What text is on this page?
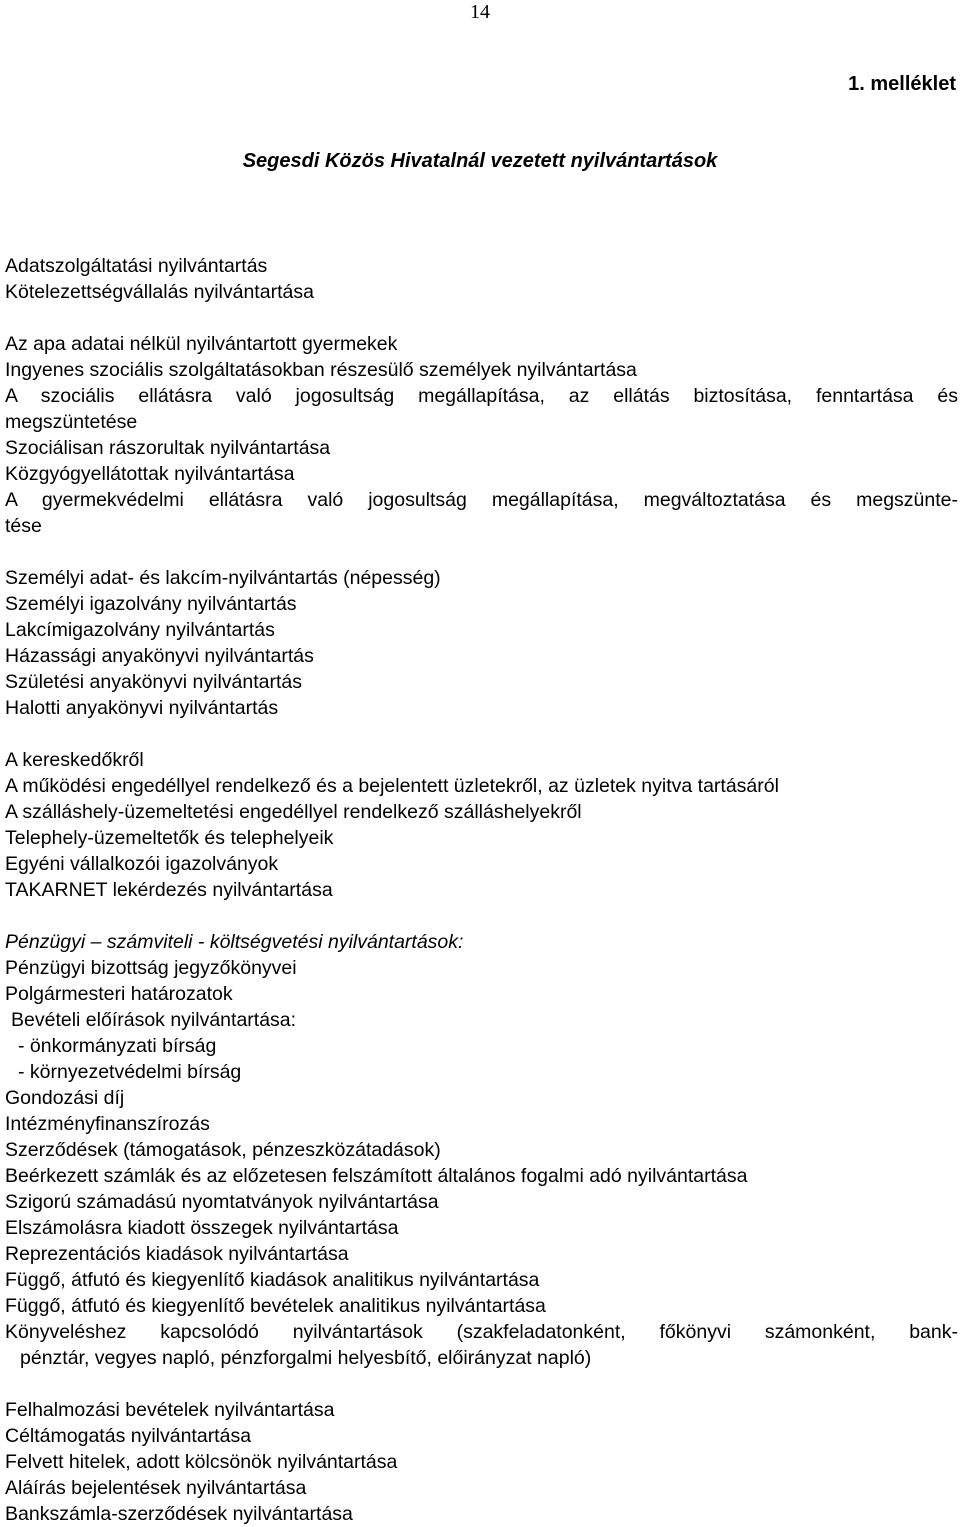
14
1. melléklet
Segesdi Közös Hivatalnál vezetett nyilvántartások
Adatszolgáltatási nyilvántartás
Kötelezettségvállalás nyilvántartása
Az apa adatai nélkül nyilvántartott gyermekek
Ingyenes szociális szolgáltatásokban részesülő személyek nyilvántartása
A szociális ellátásra való jogosultság megállapítása, az ellátás biztosítása, fenntartása és
megszüntetése
Szociálisan rászorultak nyilvántartása
Közgyógyellátottak nyilvántartása
A gyermekvédelmi ellátásra való jogosultság megállapítása, megváltoztatása és megszünte-
tése
Személyi adat- és lakcím-nyilvántartás (népesség)
Személyi igazolvány nyilvántartás
Lakcímigazolvány nyilvántartás
Házassági anyakönyvi nyilvántartás
Születési anyakönyvi nyilvántartás
Halotti anyakönyvi nyilvántartás
A kereskedőkről
A működési engedéllyel rendelkező és a bejelentett üzletekről, az üzletek nyitva tartásáról
A szálláshely-üzemeltetési engedéllyel rendelkező szálláshelyekről
Telephely-üzemeltetők és telephelyeik
Egyéni vállalkozói igazolványok
TAKARNET lekérdezés nyilvántartása
Pénzügyi – számviteli - költségvetési nyilvántartások:
Pénzügyi bizottság jegyzőkönyvei
Polgármesteri határozatok
Bevételi előírások nyilvántartása:
- önkormányzati bírság
- környezetvédelmi bírság
Gondozási díj
Intézményfinanszírozás
Szerződések (támogatások, pénzeszközátadások)
Beérkezett számlák és az előzetesen felszámított általános fogalmi adó nyilvántartása
Szigorú számadású nyomtatványok nyilvántartása
Elszámolásra kiadott összegek nyilvántartása
Reprezentációs kiadások nyilvántartása
Függő, átfutó és kiegyenlítő kiadások analitikus nyilvántartása
Függő, átfutó és kiegyenlítő bevételek analitikus nyilvántartása
Könyveléshez kapcsolódó nyilvántartások (szakfeladatonként, főkönyvi számonként, bank-
pénztár, vegyes napló, pénzforgalmi helyesbítő, előirányzat napló)
Felhalmozási bevételek nyilvántartása
Céltámogatás nyilvántartása
Felvett hitelek, adott kölcsönök nyilvántartása
Aláírás bejelentések nyilvántartása
Bankszámla-szerződések nyilvántartása
